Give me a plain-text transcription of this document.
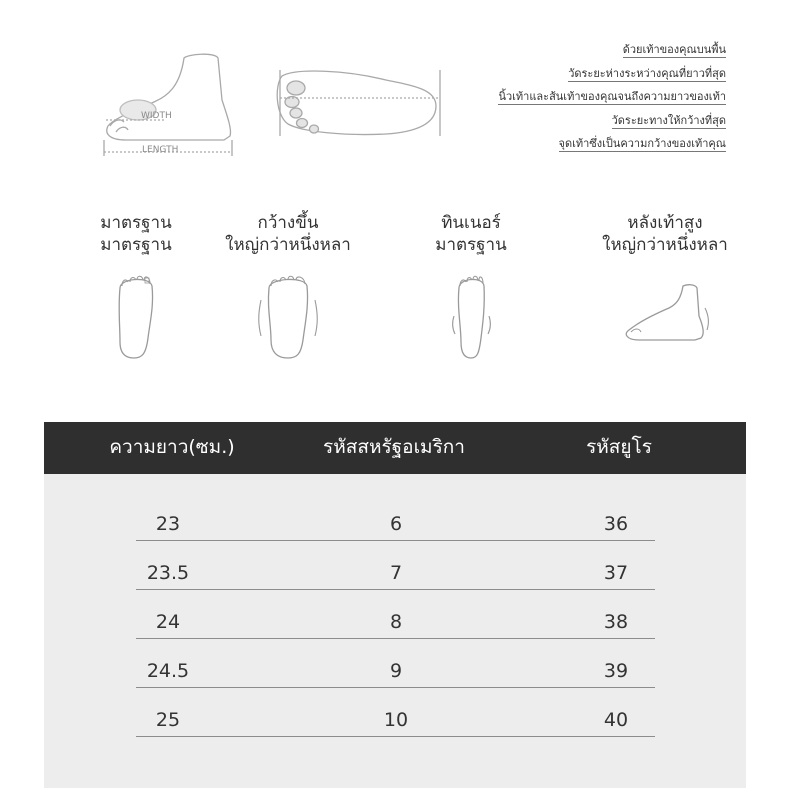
WIDTH
LENGTH
ด้วยเท้าของคุณบนพื้น
วัดระยะห่างระหว่างคุณที่ยาวที่สุด
นิ้วเท้าและส้นเท้าของคุณจนถึงความยาวของเท้า
วัดระยะทางให้กว้างที่สุด
จุดเท้าซึ่งเป็นความกว้างของเท้าคุณ
มาตรฐาน
มาตรฐาน
กว้างขึ้น
ใหญ่กว่าหนึ่งหลา
ทินเนอร์
มาตรฐาน
หลังเท้าสูง
ใหญ่กว่าหนึ่งหลา
ความยาว(ซม.)	รหัสสหรัฐอเมริกา	รหัสยูโร
23	6	36
23.5	7	37
24	8	38
24.5	9	39
25	10	40
